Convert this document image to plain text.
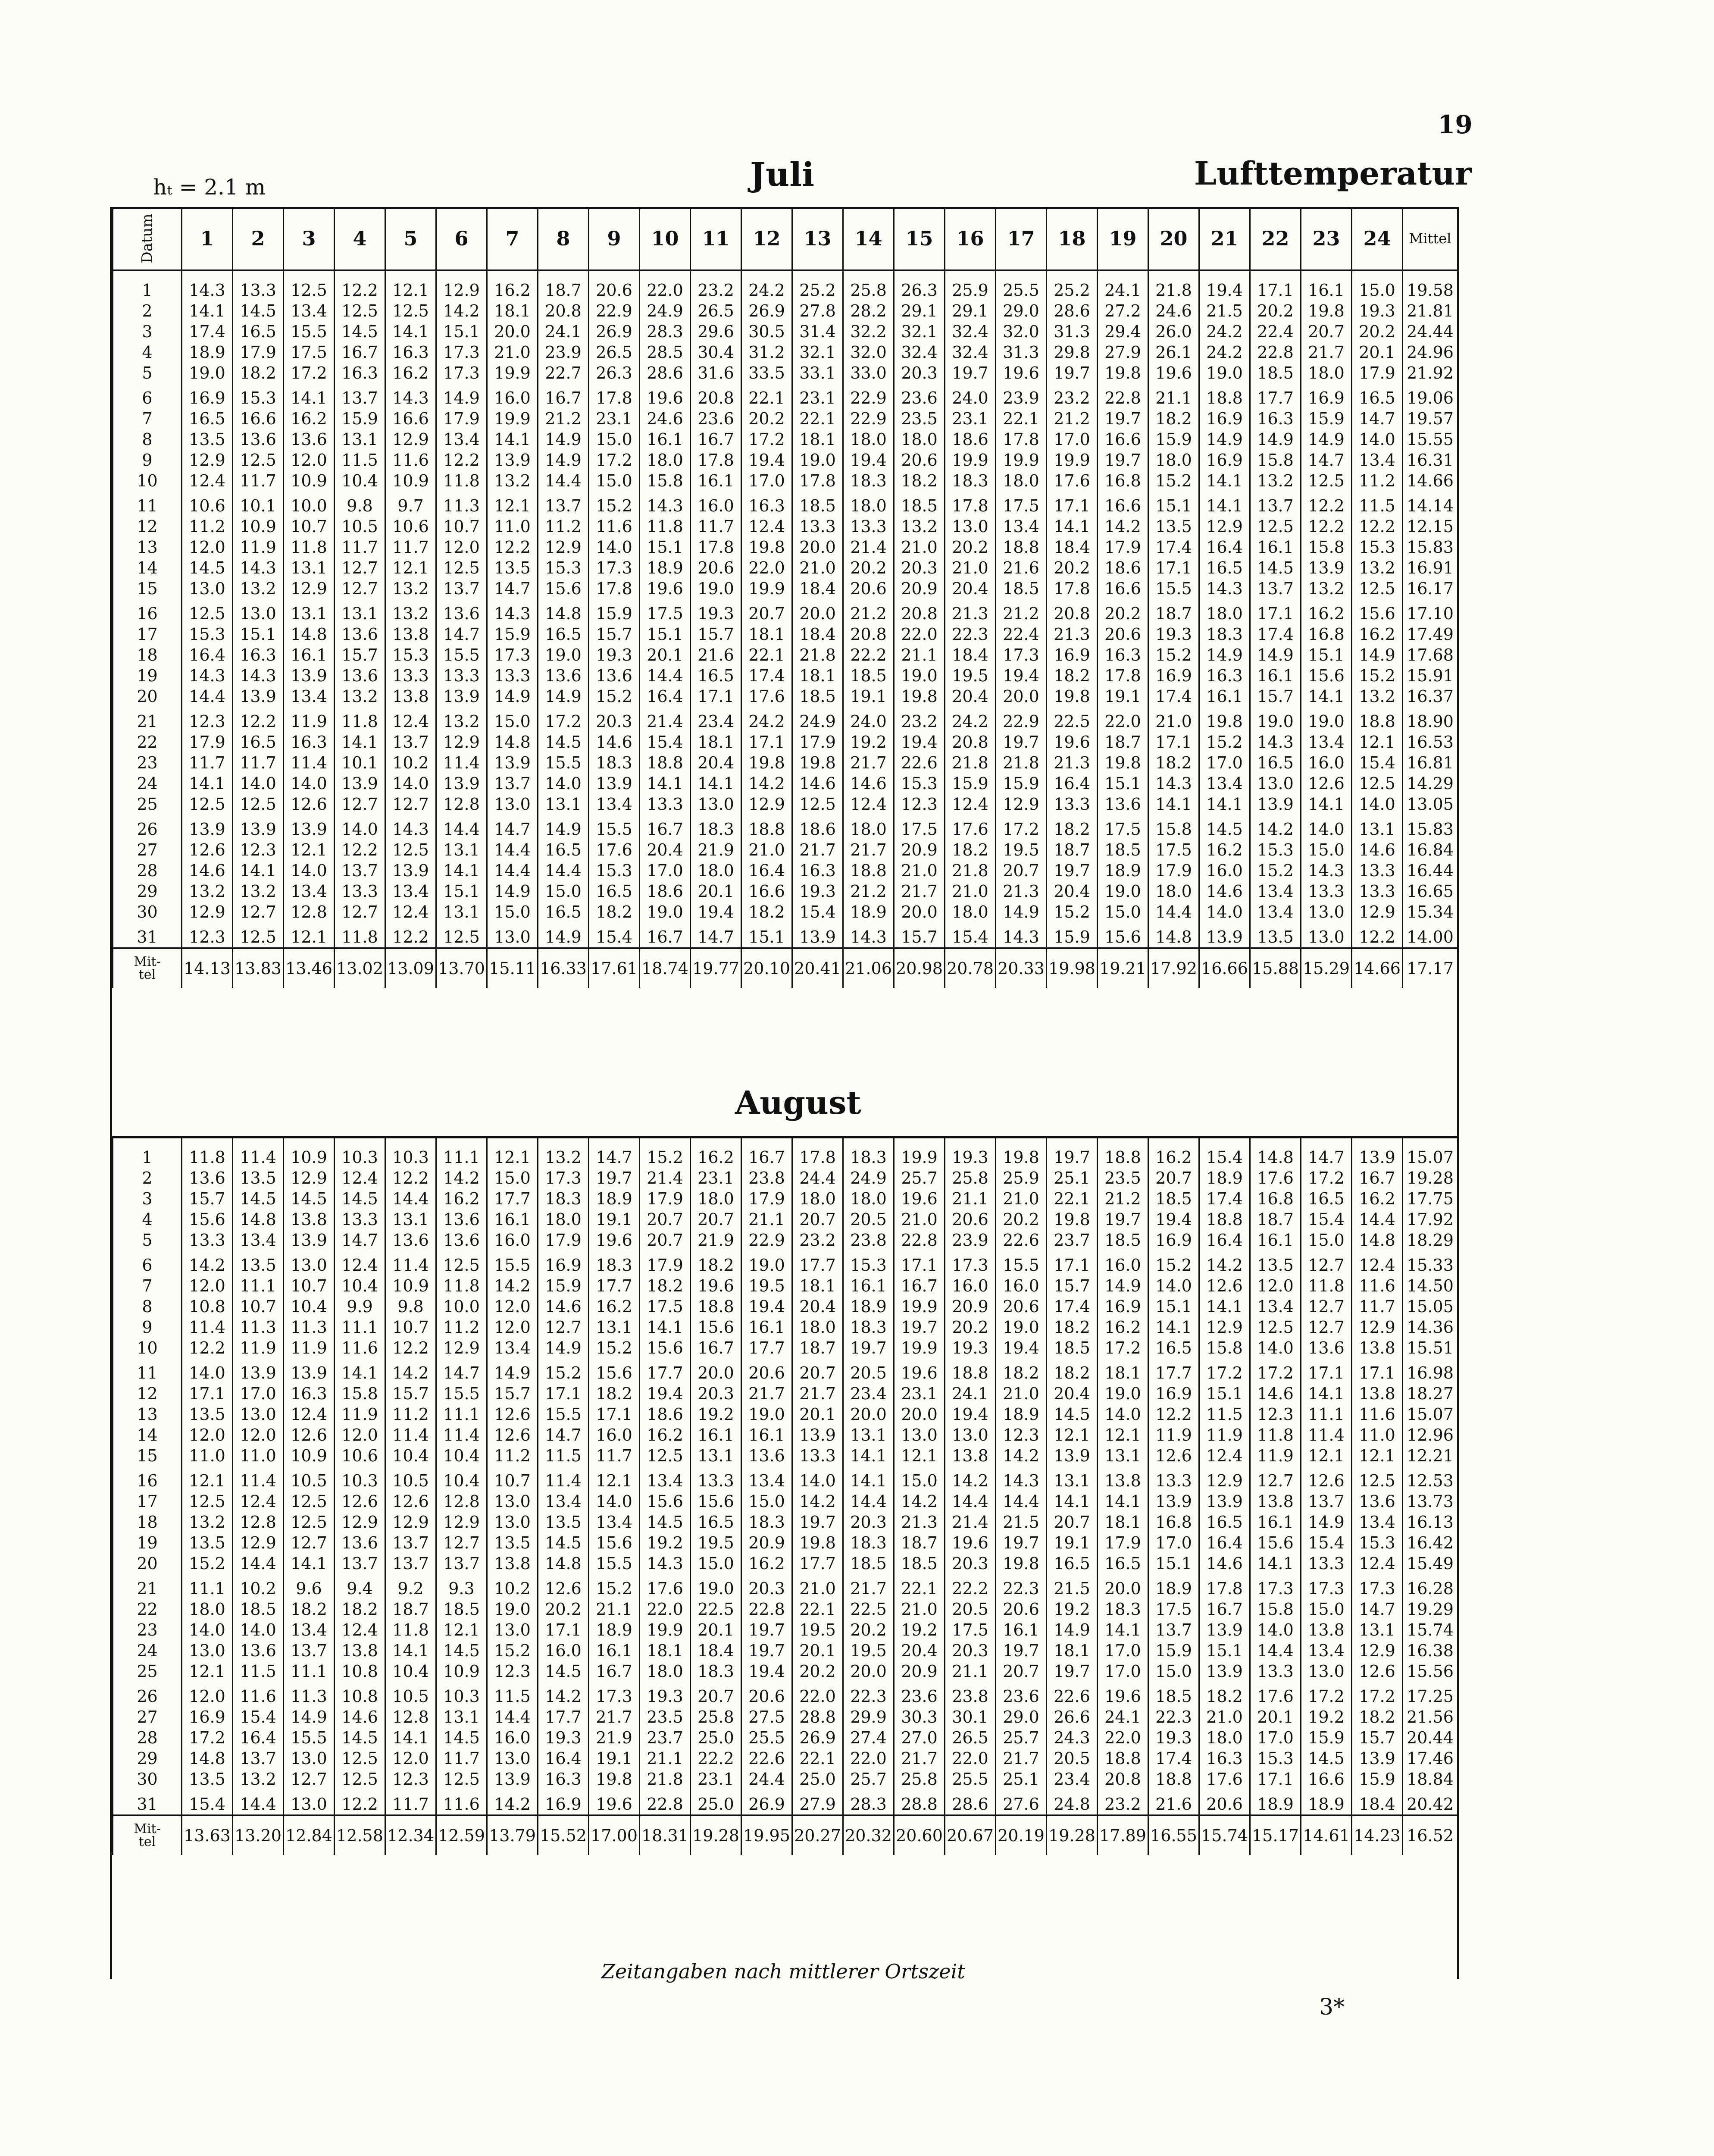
19
hₜ = 2.1 m	Juli	Lufttemperatur
Datum	1	2	3	4	5	6	7	8	9	10	11	12	13	14	15	16	17	18	19	20	21	22	23	24	Mittel
1	14.3	13.3	12.5	12.2	12.1	12.9	16.2	18.7	20.6	22.0	23.2	24.2	25.2	25.8	26.3	25.9	25.5	25.2	24.1	21.8	19.4	17.1	16.1	15.0	19.58
2	14.1	14.5	13.4	12.5	12.5	14.2	18.1	20.8	22.9	24.9	26.5	26.9	27.8	28.2	29.1	29.1	29.0	28.6	27.2	24.6	21.5	20.2	19.8	19.3	21.81
3	17.4	16.5	15.5	14.5	14.1	15.1	20.0	24.1	26.9	28.3	29.6	30.5	31.4	32.2	32.1	32.4	32.0	31.3	29.4	26.0	24.2	22.4	20.7	20.2	24.44
4	18.9	17.9	17.5	16.7	16.3	17.3	21.0	23.9	26.5	28.5	30.4	31.2	32.1	32.0	32.4	32.4	31.3	29.8	27.9	26.1	24.2	22.8	21.7	20.1	24.96
5	19.0	18.2	17.2	16.3	16.2	17.3	19.9	22.7	26.3	28.6	31.6	33.5	33.1	33.0	20.3	19.7	19.6	19.7	19.8	19.6	19.0	18.5	18.0	17.9	21.92
6	16.9	15.3	14.1	13.7	14.3	14.9	16.0	16.7	17.8	19.6	20.8	22.1	23.1	22.9	23.6	24.0	23.9	23.2	22.8	21.1	18.8	17.7	16.9	16.5	19.06
7	16.5	16.6	16.2	15.9	16.6	17.9	19.9	21.2	23.1	24.6	23.6	20.2	22.1	22.9	23.5	23.1	22.1	21.2	19.7	18.2	16.9	16.3	15.9	14.7	19.57
8	13.5	13.6	13.6	13.1	12.9	13.4	14.1	14.9	15.0	16.1	16.7	17.2	18.1	18.0	18.0	18.6	17.8	17.0	16.6	15.9	14.9	14.9	14.9	14.0	15.55
9	12.9	12.5	12.0	11.5	11.6	12.2	13.9	14.9	17.2	18.0	17.8	19.4	19.0	19.4	20.6	19.9	19.9	19.9	19.7	18.0	16.9	15.8	14.7	13.4	16.31
10	12.4	11.7	10.9	10.4	10.9	11.8	13.2	14.4	15.0	15.8	16.1	17.0	17.8	18.3	18.2	18.3	18.0	17.6	16.8	15.2	14.1	13.2	12.5	11.2	14.66
11	10.6	10.1	10.0	9.8	9.7	11.3	12.1	13.7	15.2	14.3	16.0	16.3	18.5	18.0	18.5	17.8	17.5	17.1	16.6	15.1	14.1	13.7	12.2	11.5	14.14
12	11.2	10.9	10.7	10.5	10.6	10.7	11.0	11.2	11.6	11.8	11.7	12.4	13.3	13.3	13.2	13.0	13.4	14.1	14.2	13.5	12.9	12.5	12.2	12.2	12.15
13	12.0	11.9	11.8	11.7	11.7	12.0	12.2	12.9	14.0	15.1	17.8	19.8	20.0	21.4	21.0	20.2	18.8	18.4	17.9	17.4	16.4	16.1	15.8	15.3	15.83
14	14.5	14.3	13.1	12.7	12.1	12.5	13.5	15.3	17.3	18.9	20.6	22.0	21.0	20.2	20.3	21.0	21.6	20.2	18.6	17.1	16.5	14.5	13.9	13.2	16.91
15	13.0	13.2	12.9	12.7	13.2	13.7	14.7	15.6	17.8	19.6	19.0	19.9	18.4	20.6	20.9	20.4	18.5	17.8	16.6	15.5	14.3	13.7	13.2	12.5	16.17
16	12.5	13.0	13.1	13.1	13.2	13.6	14.3	14.8	15.9	17.5	19.3	20.7	20.0	21.2	20.8	21.3	21.2	20.8	20.2	18.7	18.0	17.1	16.2	15.6	17.10
17	15.3	15.1	14.8	13.6	13.8	14.7	15.9	16.5	15.7	15.1	15.7	18.1	18.4	20.8	22.0	22.3	22.4	21.3	20.6	19.3	18.3	17.4	16.8	16.2	17.49
18	16.4	16.3	16.1	15.7	15.3	15.5	17.3	19.0	19.3	20.1	21.6	22.1	21.8	22.2	21.1	18.4	17.3	16.9	16.3	15.2	14.9	14.9	15.1	14.9	17.68
19	14.3	14.3	13.9	13.6	13.3	13.3	13.3	13.6	13.6	14.4	16.5	17.4	18.1	18.5	19.0	19.5	19.4	18.2	17.8	16.9	16.3	16.1	15.6	15.2	15.91
20	14.4	13.9	13.4	13.2	13.8	13.9	14.9	14.9	15.2	16.4	17.1	17.6	18.5	19.1	19.8	20.4	20.0	19.8	19.1	17.4	16.1	15.7	14.1	13.2	16.37
21	12.3	12.2	11.9	11.8	12.4	13.2	15.0	17.2	20.3	21.4	23.4	24.2	24.9	24.0	23.2	24.2	22.9	22.5	22.0	21.0	19.8	19.0	19.0	18.8	18.90
22	17.9	16.5	16.3	14.1	13.7	12.9	14.8	14.5	14.6	15.4	18.1	17.1	17.9	19.2	19.4	20.8	19.7	19.6	18.7	17.1	15.2	14.3	13.4	12.1	16.53
23	11.7	11.7	11.4	10.1	10.2	11.4	13.9	15.5	18.3	18.8	20.4	19.8	19.8	21.7	22.6	21.8	21.8	21.3	19.8	18.2	17.0	16.5	16.0	15.4	16.81
24	14.1	14.0	14.0	13.9	14.0	13.9	13.7	14.0	13.9	14.1	14.1	14.2	14.6	14.6	15.3	15.9	15.9	16.4	15.1	14.3	13.4	13.0	12.6	12.5	14.29
25	12.5	12.5	12.6	12.7	12.7	12.8	13.0	13.1	13.4	13.3	13.0	12.9	12.5	12.4	12.3	12.4	12.9	13.3	13.6	14.1	14.1	13.9	14.1	14.0	13.05
26	13.9	13.9	13.9	14.0	14.3	14.4	14.7	14.9	15.5	16.7	18.3	18.8	18.6	18.0	17.5	17.6	17.2	18.2	17.5	15.8	14.5	14.2	14.0	13.1	15.83
27	12.6	12.3	12.1	12.2	12.5	13.1	14.4	16.5	17.6	20.4	21.9	21.0	21.7	21.7	20.9	18.2	19.5	18.7	18.5	17.5	16.2	15.3	15.0	14.6	16.84
28	14.6	14.1	14.0	13.7	13.9	14.1	14.4	14.4	15.3	17.0	18.0	16.4	16.3	18.8	21.0	21.8	20.7	19.7	18.9	17.9	16.0	15.2	14.3	13.3	16.44
29	13.2	13.2	13.4	13.3	13.4	15.1	14.9	15.0	16.5	18.6	20.1	16.6	19.3	21.2	21.7	21.0	21.3	20.4	19.0	18.0	14.6	13.4	13.3	13.3	16.65
30	12.9	12.7	12.8	12.7	12.4	13.1	15.0	16.5	18.2	19.0	19.4	18.2	15.4	18.9	20.0	18.0	14.9	15.2	15.0	14.4	14.0	13.4	13.0	12.9	15.34
31	12.3	12.5	12.1	11.8	12.2	12.5	13.0	14.9	15.4	16.7	14.7	15.1	13.9	14.3	15.7	15.4	14.3	15.9	15.6	14.8	13.9	13.5	13.0	12.2	14.00
Mit-
tel	14.13	13.83	13.46	13.02	13.09	13.70	15.11	16.33	17.61	18.74	19.77	20.10	20.41	21.06	20.98	20.78	20.33	19.98	19.21	17.92	16.66	15.88	15.29	14.66	17.17
August
1	11.8	11.4	10.9	10.3	10.3	11.1	12.1	13.2	14.7	15.2	16.2	16.7	17.8	18.3	19.9	19.3	19.8	19.7	18.8	16.2	15.4	14.8	14.7	13.9	15.07
2	13.6	13.5	12.9	12.4	12.2	14.2	15.0	17.3	19.7	21.4	23.1	23.8	24.4	24.9	25.7	25.8	25.9	25.1	23.5	20.7	18.9	17.6	17.2	16.7	19.28
3	15.7	14.5	14.5	14.5	14.4	16.2	17.7	18.3	18.9	17.9	18.0	17.9	18.0	18.0	19.6	21.1	21.0	22.1	21.2	18.5	17.4	16.8	16.5	16.2	17.75
4	15.6	14.8	13.8	13.3	13.1	13.6	16.1	18.0	19.1	20.7	20.7	21.1	20.7	20.5	21.0	20.6	20.2	19.8	19.7	19.4	18.8	18.7	15.4	14.4	17.92
5	13.3	13.4	13.9	14.7	13.6	13.6	16.0	17.9	19.6	20.7	21.9	22.9	23.2	23.8	22.8	23.9	22.6	23.7	18.5	16.9	16.4	16.1	15.0	14.8	18.29
6	14.2	13.5	13.0	12.4	11.4	12.5	15.5	16.9	18.3	17.9	18.2	19.0	17.7	15.3	17.1	17.3	15.5	17.1	16.0	15.2	14.2	13.5	12.7	12.4	15.33
7	12.0	11.1	10.7	10.4	10.9	11.8	14.2	15.9	17.7	18.2	19.6	19.5	18.1	16.1	16.7	16.0	16.0	15.7	14.9	14.0	12.6	12.0	11.8	11.6	14.50
8	10.8	10.7	10.4	9.9	9.8	10.0	12.0	14.6	16.2	17.5	18.8	19.4	20.4	18.9	19.9	20.9	20.6	17.4	16.9	15.1	14.1	13.4	12.7	11.7	15.05
9	11.4	11.3	11.3	11.1	10.7	11.2	12.0	12.7	13.1	14.1	15.6	16.1	18.0	18.3	19.7	20.2	19.0	18.2	16.2	14.1	12.9	12.5	12.7	12.9	14.36
10	12.2	11.9	11.9	11.6	12.2	12.9	13.4	14.9	15.2	15.6	16.7	17.7	18.7	19.7	19.9	19.3	19.4	18.5	17.2	16.5	15.8	14.0	13.6	13.8	15.51
11	14.0	13.9	13.9	14.1	14.2	14.7	14.9	15.2	15.6	17.7	20.0	20.6	20.7	20.5	19.6	18.8	18.2	18.2	18.1	17.7	17.2	17.2	17.1	17.1	16.98
12	17.1	17.0	16.3	15.8	15.7	15.5	15.7	17.1	18.2	19.4	20.3	21.7	21.7	23.4	23.1	24.1	21.0	20.4	19.0	16.9	15.1	14.6	14.1	13.8	18.27
13	13.5	13.0	12.4	11.9	11.2	11.1	12.6	15.5	17.1	18.6	19.2	19.0	20.1	20.0	20.0	19.4	18.9	14.5	14.0	12.2	11.5	12.3	11.1	11.6	15.07
14	12.0	12.0	12.6	12.0	11.4	11.4	12.6	14.7	16.0	16.2	16.1	16.1	13.9	13.1	13.0	13.0	12.3	12.1	12.1	11.9	11.9	11.8	11.4	11.0	12.96
15	11.0	11.0	10.9	10.6	10.4	10.4	11.2	11.5	11.7	12.5	13.1	13.6	13.3	14.1	12.1	13.8	14.2	13.9	13.1	12.6	12.4	11.9	12.1	12.1	12.21
16	12.1	11.4	10.5	10.3	10.5	10.4	10.7	11.4	12.1	13.4	13.3	13.4	14.0	14.1	15.0	14.2	14.3	13.1	13.8	13.3	12.9	12.7	12.6	12.5	12.53
17	12.5	12.4	12.5	12.6	12.6	12.8	13.0	13.4	14.0	15.6	15.6	15.0	14.2	14.4	14.2	14.4	14.4	14.1	14.1	13.9	13.9	13.8	13.7	13.6	13.73
18	13.2	12.8	12.5	12.9	12.9	12.9	13.0	13.5	13.4	14.5	16.5	18.3	19.7	20.3	21.3	21.4	21.5	20.7	18.1	16.8	16.5	16.1	14.9	13.4	16.13
19	13.5	12.9	12.7	13.6	13.7	12.7	13.5	14.5	15.6	19.2	19.5	20.9	19.8	18.3	18.7	19.6	19.7	19.1	17.9	17.0	16.4	15.6	15.4	15.3	16.42
20	15.2	14.4	14.1	13.7	13.7	13.7	13.8	14.8	15.5	14.3	15.0	16.2	17.7	18.5	18.5	20.3	19.8	16.5	16.5	15.1	14.6	14.1	13.3	12.4	15.49
21	11.1	10.2	9.6	9.4	9.2	9.3	10.2	12.6	15.2	17.6	19.0	20.3	21.0	21.7	22.1	22.2	22.3	21.5	20.0	18.9	17.8	17.3	17.3	17.3	16.28
22	18.0	18.5	18.2	18.2	18.7	18.5	19.0	20.2	21.1	22.0	22.5	22.8	22.1	22.5	21.0	20.5	20.6	19.2	18.3	17.5	16.7	15.8	15.0	14.7	19.29
23	14.0	14.0	13.4	12.4	11.8	12.1	13.0	17.1	18.9	19.9	20.1	19.7	19.5	20.2	19.2	17.5	16.1	14.9	14.1	13.7	13.9	14.0	13.8	13.1	15.74
24	13.0	13.6	13.7	13.8	14.1	14.5	15.2	16.0	16.1	18.1	18.4	19.7	20.1	19.5	20.4	20.3	19.7	18.1	17.0	15.9	15.1	14.4	13.4	12.9	16.38
25	12.1	11.5	11.1	10.8	10.4	10.9	12.3	14.5	16.7	18.0	18.3	19.4	20.2	20.0	20.9	21.1	20.7	19.7	17.0	15.0	13.9	13.3	13.0	12.6	15.56
26	12.0	11.6	11.3	10.8	10.5	10.3	11.5	14.2	17.3	19.3	20.7	20.6	22.0	22.3	23.6	23.8	23.6	22.6	19.6	18.5	18.2	17.6	17.2	17.2	17.25
27	16.9	15.4	14.9	14.6	12.8	13.1	14.4	17.7	21.7	23.5	25.8	27.5	28.8	29.9	30.3	30.1	29.0	26.6	24.1	22.3	21.0	20.1	19.2	18.2	21.56
28	17.2	16.4	15.5	14.5	14.1	14.5	16.0	19.3	21.9	23.7	25.0	25.5	26.9	27.4	27.0	26.5	25.7	24.3	22.0	19.3	18.0	17.0	15.9	15.7	20.44
29	14.8	13.7	13.0	12.5	12.0	11.7	13.0	16.4	19.1	21.1	22.2	22.6	22.1	22.0	21.7	22.0	21.7	20.5	18.8	17.4	16.3	15.3	14.5	13.9	17.46
30	13.5	13.2	12.7	12.5	12.3	12.5	13.9	16.3	19.8	21.8	23.1	24.4	25.0	25.7	25.8	25.5	25.1	23.4	20.8	18.8	17.6	17.1	16.6	15.9	18.84
31	15.4	14.4	13.0	12.2	11.7	11.6	14.2	16.9	19.6	22.8	25.0	26.9	27.9	28.3	28.8	28.6	27.6	24.8	23.2	21.6	20.6	18.9	18.9	18.4	20.42
Mit-
tel	13.63	13.20	12.84	12.58	12.34	12.59	13.79	15.52	17.00	18.31	19.28	19.95	20.27	20.32	20.60	20.67	20.19	19.28	17.89	16.55	15.74	15.17	14.61	14.23	16.52
Zeitangaben nach mittlerer Ortszeit
3*
